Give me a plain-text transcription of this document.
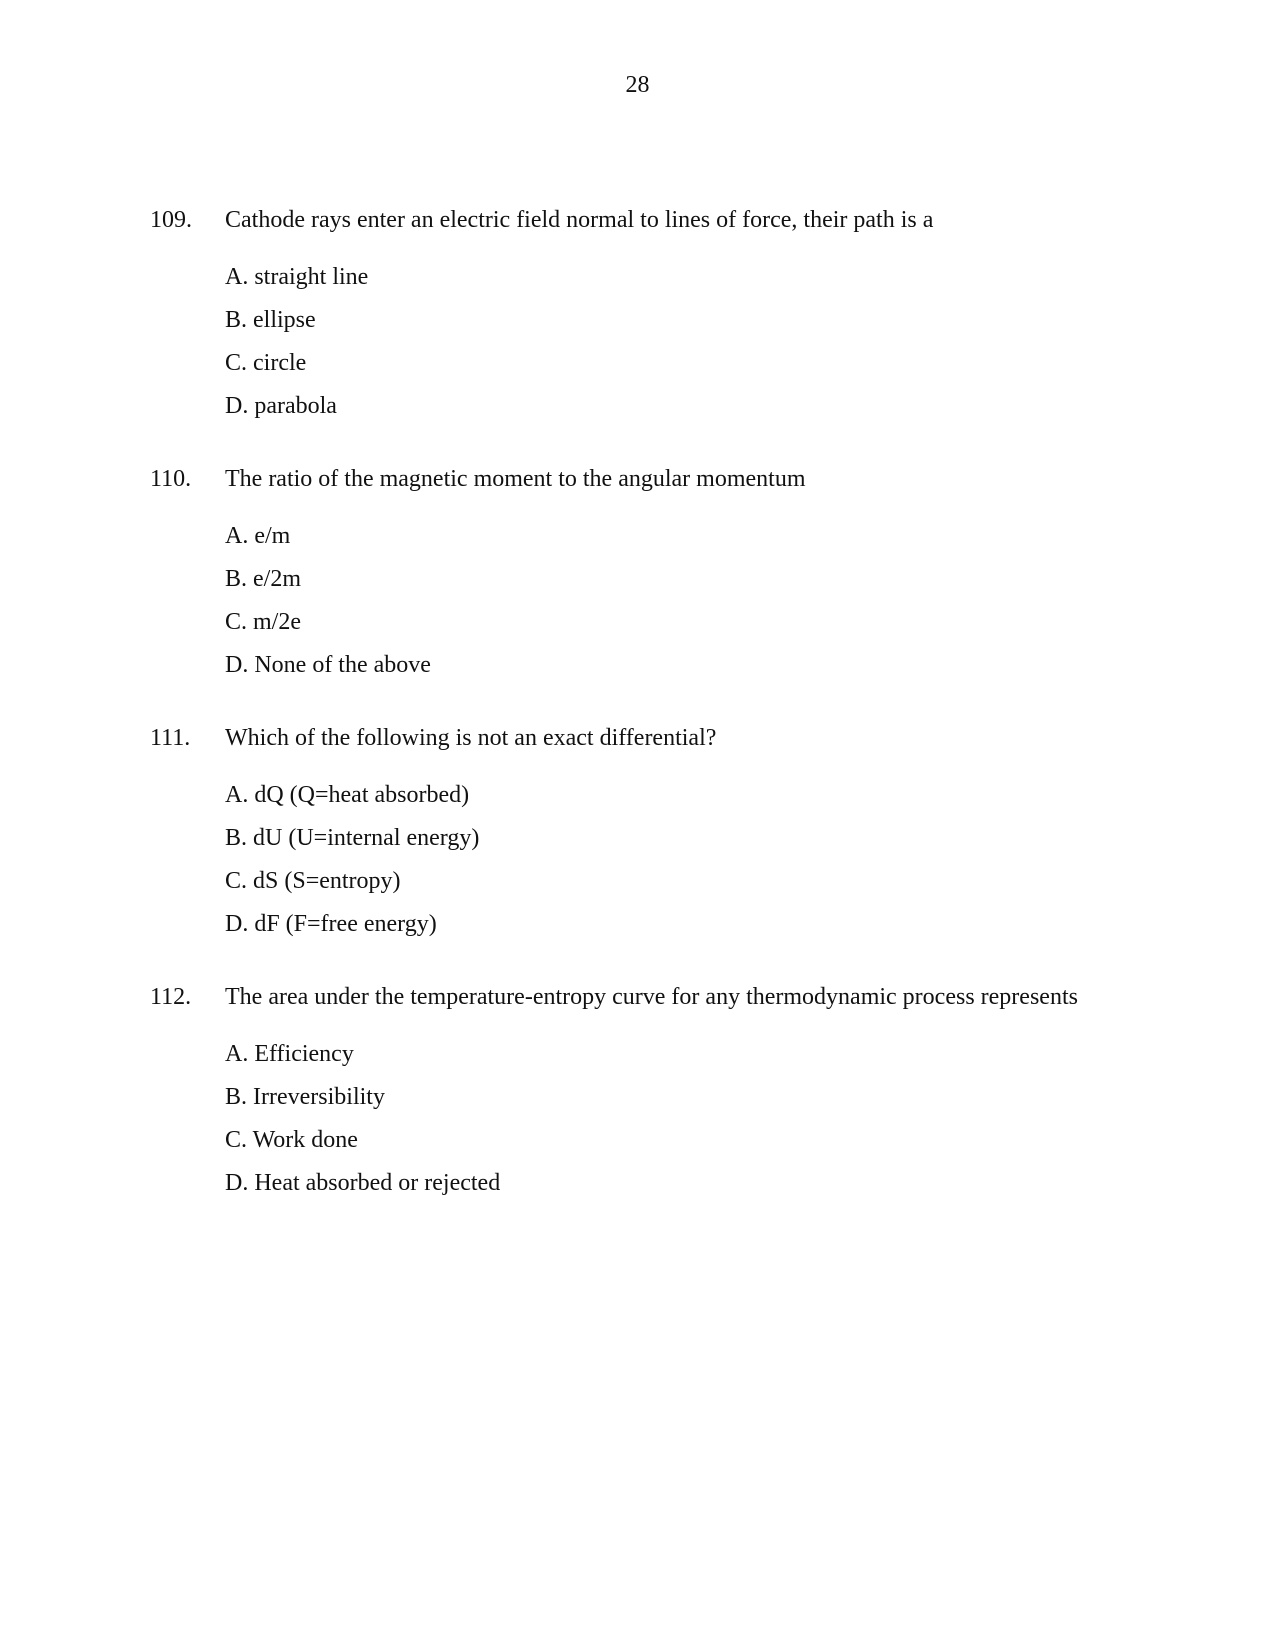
28
109. Cathode rays enter an electric field normal to lines of force, their path is a
A. straight line
B. ellipse
C. circle
D. parabola
110. The ratio of the magnetic moment to the angular momentum
A. e/m
B. e/2m
C. m/2e
D. None of the above
111. Which of the following is not an exact differential?
A. dQ (Q=heat absorbed)
B. dU (U=internal energy)
C. dS (S=entropy)
D. dF (F=free energy)
112. The area under the temperature-entropy curve for any thermodynamic process represents
A. Efficiency
B. Irreversibility
C. Work done
D. Heat absorbed or rejected
